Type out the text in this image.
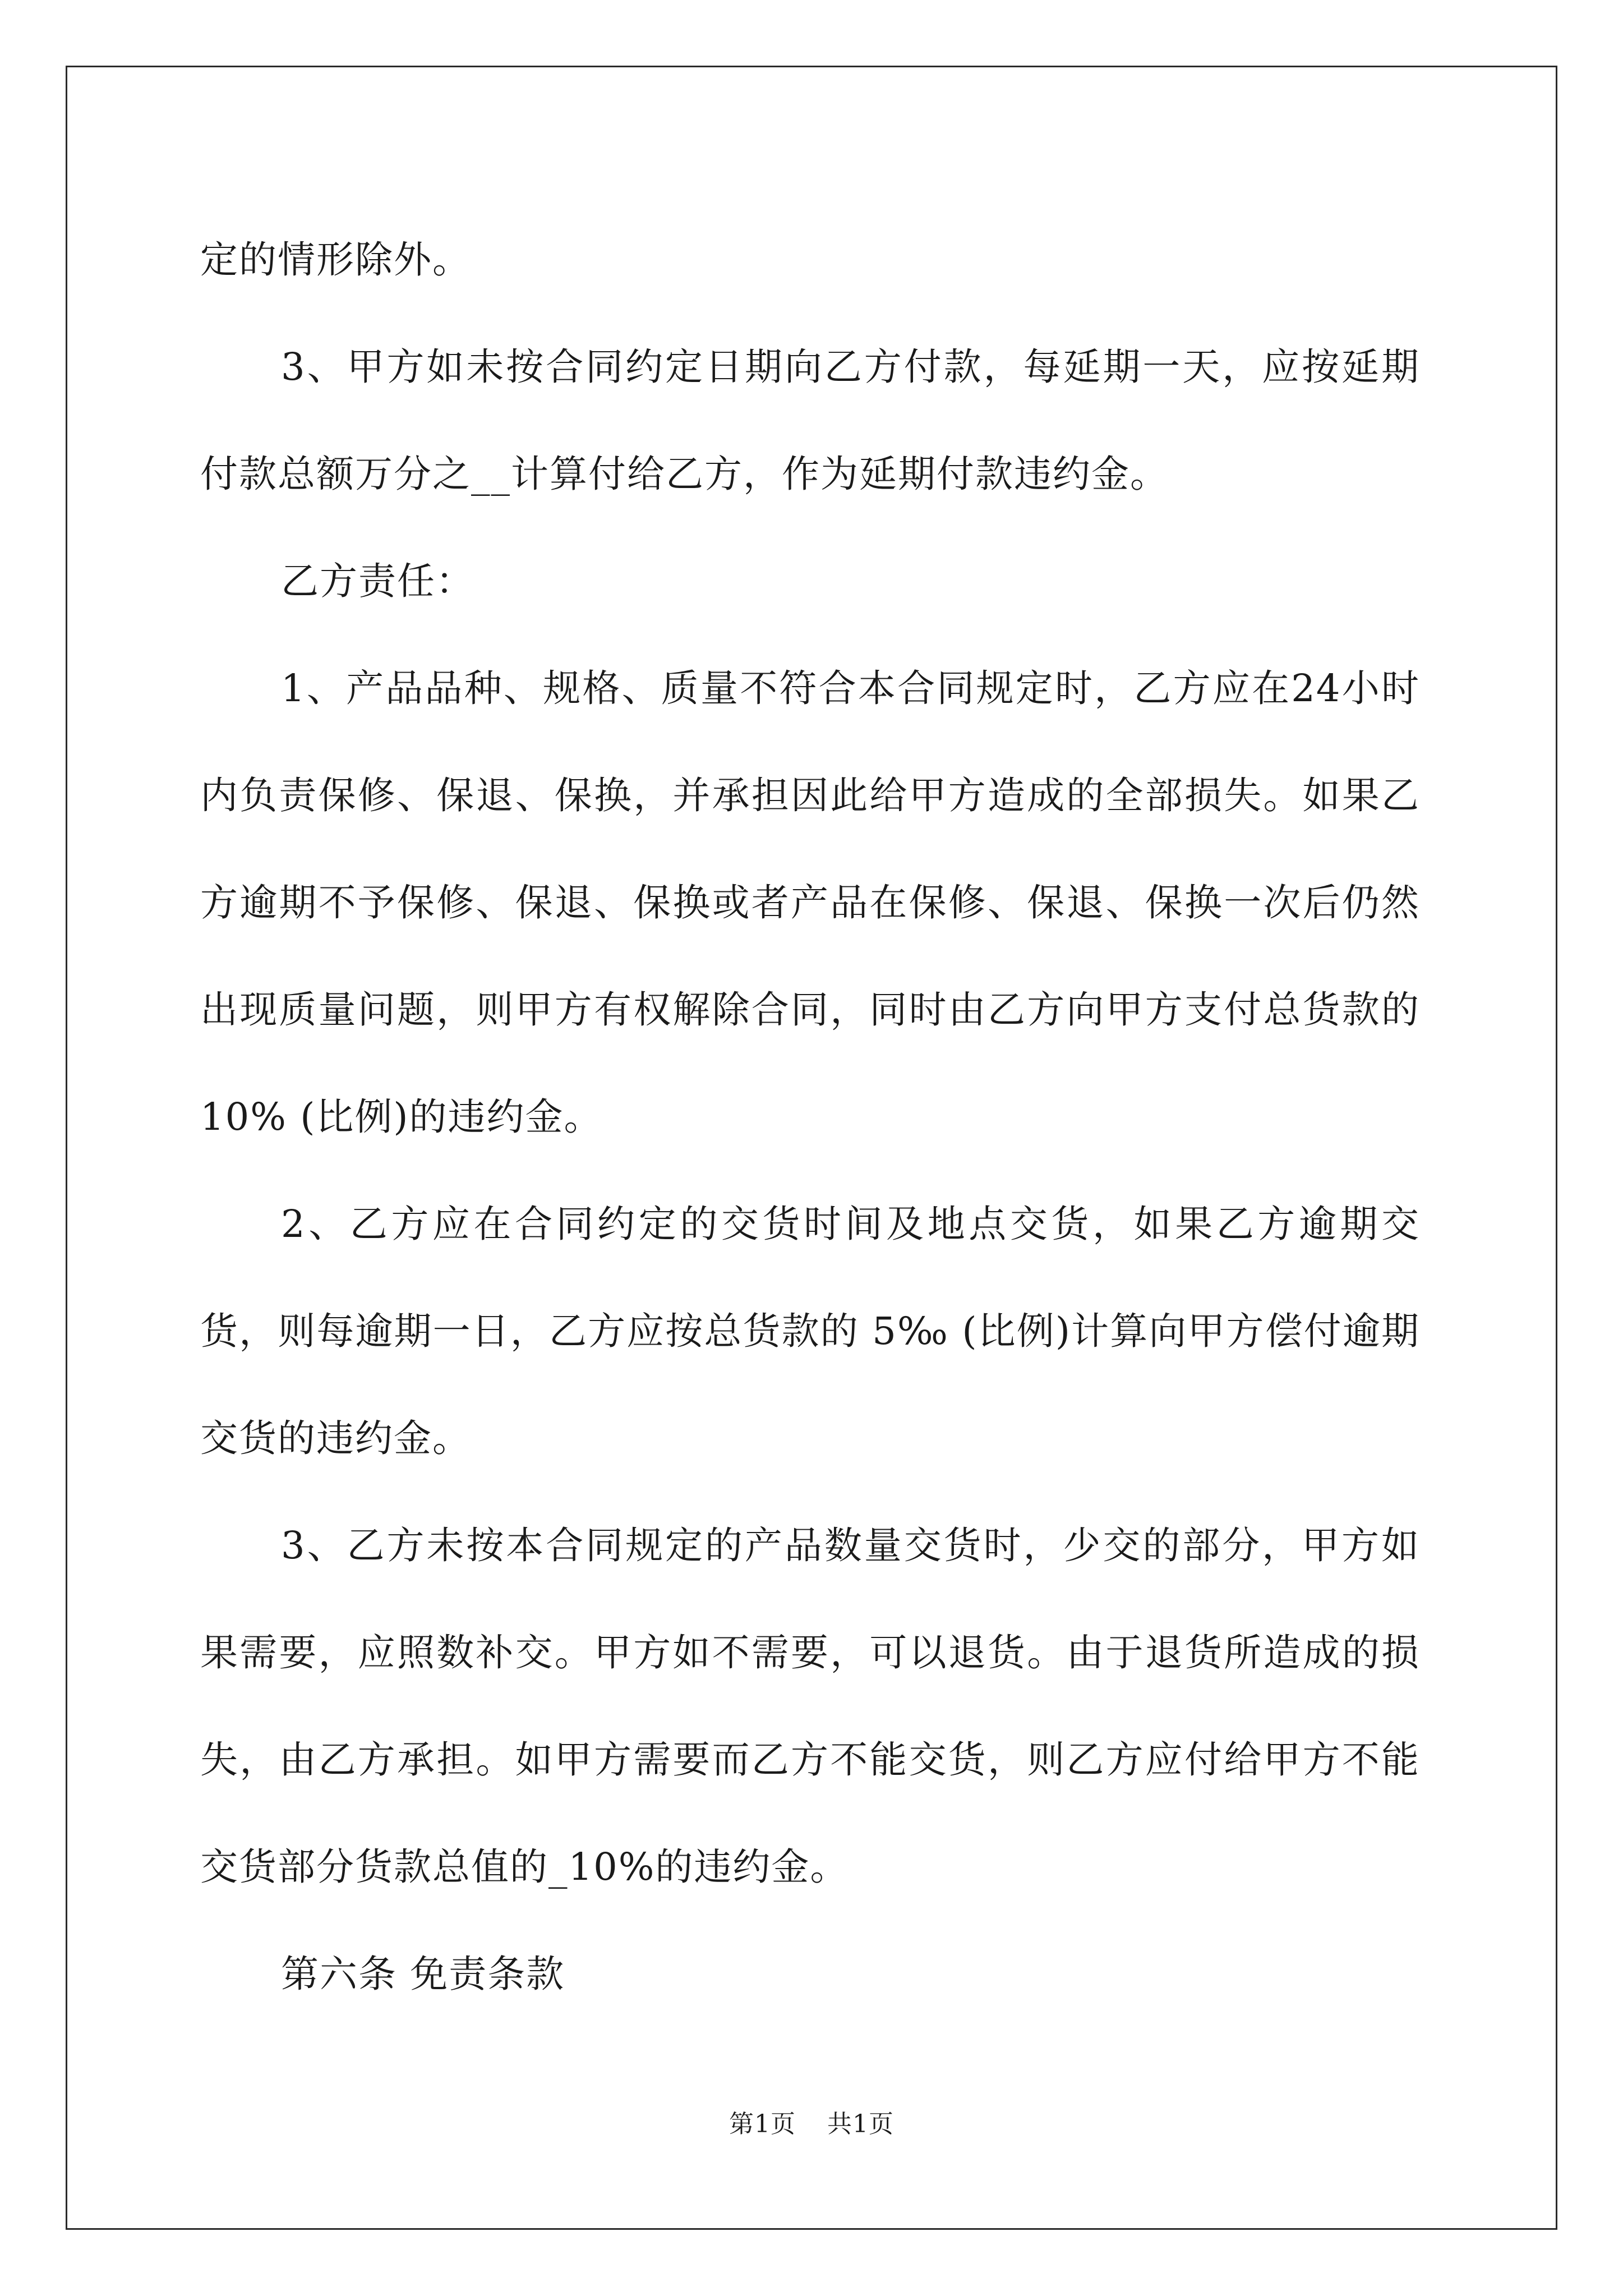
定的情形除外。

3、甲方如未按合同约定日期向乙方付款，每延期一天，应按延期付款总额万分之__计算付给乙方，作为延期付款违约金。

乙方责任：

1、产品品种、规格、质量不符合本合同规定时，乙方应在24小时内负责保修、保退、保换，并承担因此给甲方造成的全部损失。如果乙方逾期不予保修、保退、保换或者产品在保修、保退、保换一次后仍然出现质量问题，则甲方有权解除合同，同时由乙方向甲方支付总货款的 10% (比例)的违约金。

2、乙方应在合同约定的交货时间及地点交货，如果乙方逾期交货，则每逾期一日，乙方应按总货款的 5‰ (比例)计算向甲方偿付逾期交货的违约金。

3、乙方未按本合同规定的产品数量交货时，少交的部分，甲方如果需要，应照数补交。甲方如不需要，可以退货。由于退货所造成的损失，由乙方承担。如甲方需要而乙方不能交货，则乙方应付给甲方不能交货部分货款总值的_10%的违约金。

第六条 免责条款

第1页 共1页
